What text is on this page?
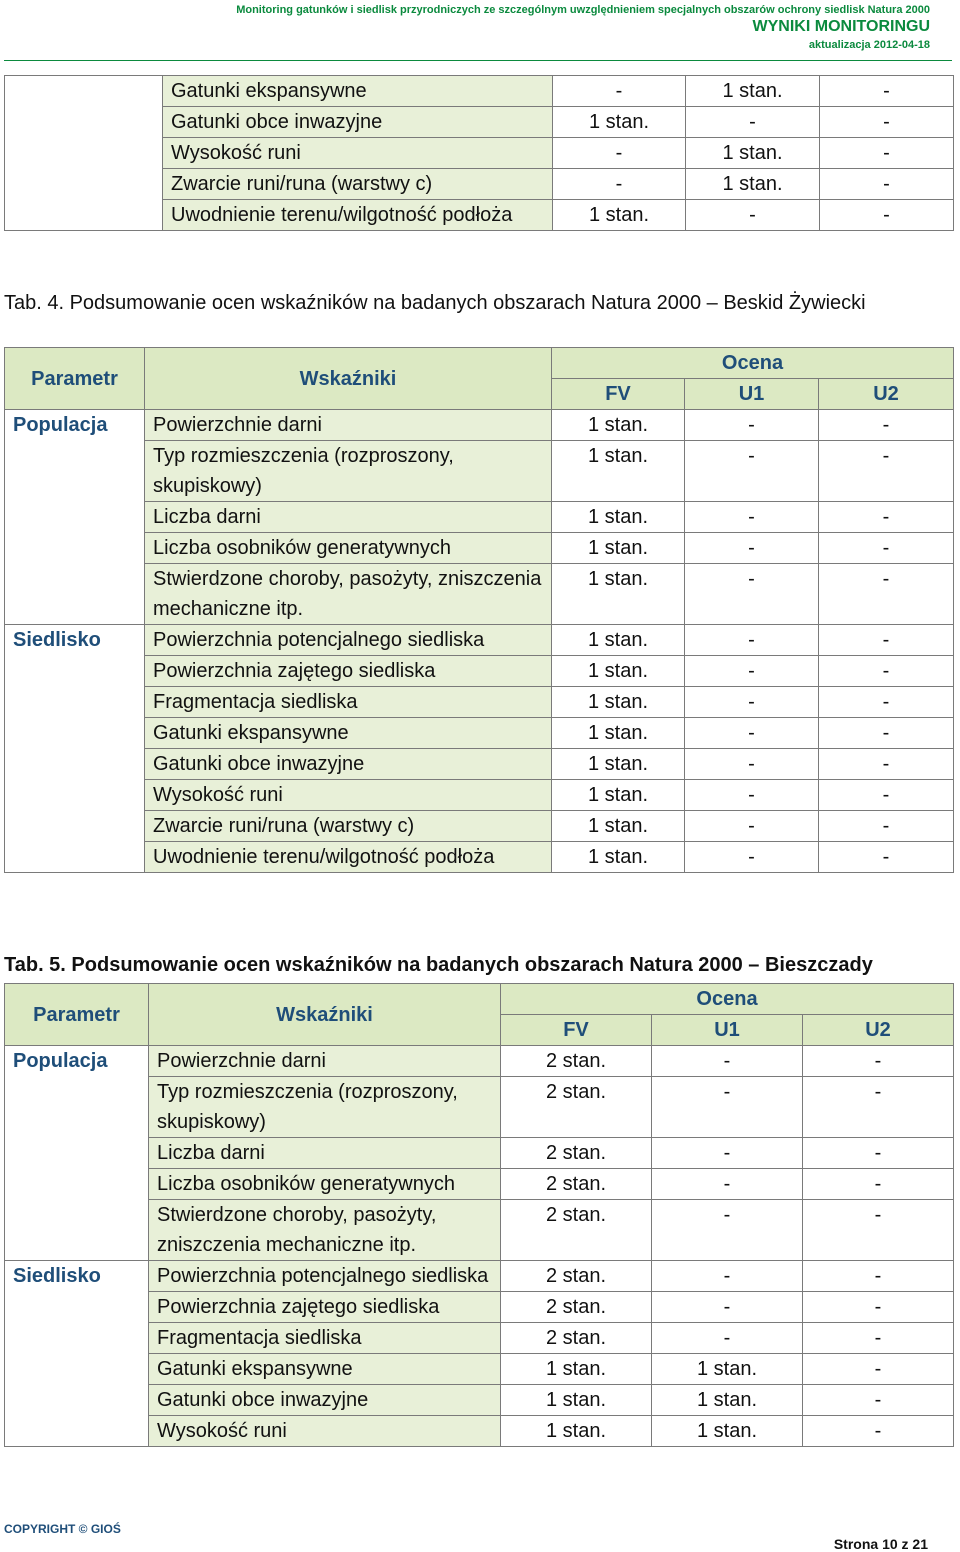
Monitoring gatunków i siedlisk przyrodniczych ze szczególnym uwzględnieniem specjalnych obszarów ochrony siedlisk Natura 2000
WYNIKI MONITORINGU
aktualizacja 2012-04-18
	Gatunki ekspansywne	-	1 stan.	-
	Gatunki obce inwazyjne	1 stan.	-	-
	Wysokość runi	-	1 stan.	-
	Zwarcie runi/runa (warstwy c)	-	1 stan.	-
	Uwodnienie terenu/wilgotność podłoża	1 stan.	-	-
Tab. 4. Podsumowanie ocen wskaźników na badanych obszarach Natura 2000 – Beskid Żywiecki
Parametr	Wskaźniki	Ocena		
		FV	U1	U2
Populacja	Powierzchnie darni	1 stan.	-	-
	Typ rozmieszczenia (rozproszony, skupiskowy)	1 stan.	-	-
	Liczba darni	1 stan.	-	-
	Liczba osobników generatywnych	1 stan.	-	-
	Stwierdzone choroby, pasożyty, zniszczenia mechaniczne itp.	1 stan.	-	-
Siedlisko	Powierzchnia potencjalnego siedliska	1 stan.	-	-
	Powierzchnia zajętego siedliska	1 stan.	-	-
	Fragmentacja siedliska	1 stan.	-	-
	Gatunki ekspansywne	1 stan.	-	-
	Gatunki obce inwazyjne	1 stan.	-	-
	Wysokość runi	1 stan.	-	-
	Zwarcie runi/runa (warstwy c)	1 stan.	-	-
	Uwodnienie terenu/wilgotność podłoża	1 stan.	-	-
Tab. 5. Podsumowanie ocen wskaźników na badanych obszarach Natura 2000 – Bieszczady
Parametr	Wskaźniki	Ocena		
		FV	U1	U2
Populacja	Powierzchnie darni	2 stan.	-	-
	Typ rozmieszczenia (rozproszony, skupiskowy)	2 stan.	-	-
	Liczba darni	2 stan.	-	-
	Liczba osobników generatywnych	2 stan.	-	-
	Stwierdzone choroby, pasożyty, zniszczenia mechaniczne itp.	2 stan.	-	-
Siedlisko	Powierzchnia potencjalnego siedliska	2 stan.	-	-
	Powierzchnia zajętego siedliska	2 stan.	-	-
	Fragmentacja siedliska	2 stan.	-	-
	Gatunki ekspansywne	1 stan.	1 stan.	-
	Gatunki obce inwazyjne	1 stan.	1 stan.	-
	Wysokość runi	1 stan.	1 stan.	-
COPYRIGHT © GIOŚ
Strona 10 z 21
